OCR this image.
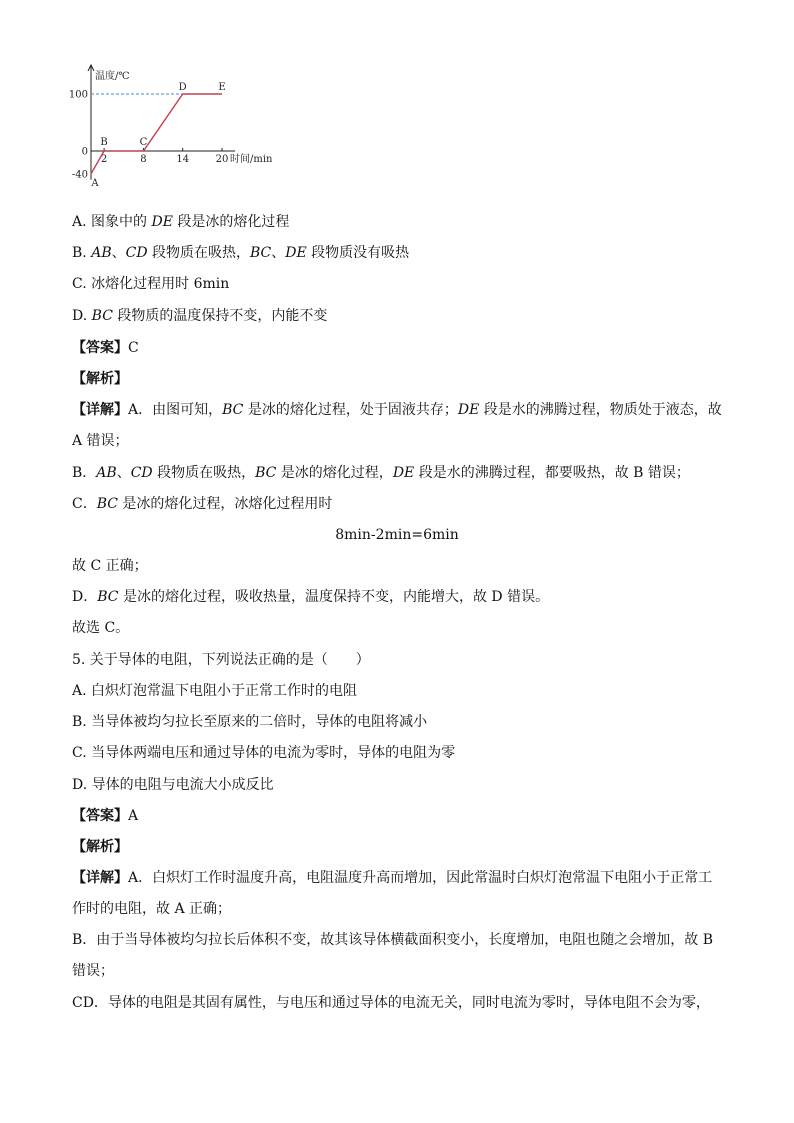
温度/℃
时间/min
2	8	14	20
100
0
-40
A
B	C
D	E
A. 图象中的 DE 段是冰的熔化过程
B. AB、CD 段物质在吸热，BC、DE 段物质没有吸热
C. 冰熔化过程用时 6min
D. BC 段物质的温度保持不变，内能不变
【答案】C
【解析】
【详解】A．由图可知，BC 是冰的熔化过程，处于固液共存；DE 段是水的沸腾过程，物质处于液态，故
A 错误；
B．AB、CD 段物质在吸热，BC 是冰的熔化过程，DE 段是水的沸腾过程，都要吸热，故 B 错误；
C．BC 是冰的熔化过程，冰熔化过程用时
8min-2min=6min
故 C 正确；
D．BC 是冰的熔化过程，吸收热量，温度保持不变，内能增大，故 D 错误。
故选 C。
5. 关于导体的电阻，下列说法正确的是（　　）
A. 白炽灯泡常温下电阻小于正常工作时的电阻
B. 当导体被均匀拉长至原来的二倍时，导体的电阻将减小
C. 当导体两端电压和通过导体的电流为零时，导体的电阻为零
D. 导体的电阻与电流大小成反比
【答案】A
【解析】
【详解】A．白炽灯工作时温度升高，电阻温度升高而增加，因此常温时白炽灯泡常温下电阻小于正常工
作时的电阻，故 A 正确；
B．由于当导体被均匀拉长后体积不变，故其该导体横截面积变小，长度增加，电阻也随之会增加，故 B
错误；
CD．导体的电阻是其固有属性，与电压和通过导体的电流无关，同时电流为零时，导体电阻不会为零，
